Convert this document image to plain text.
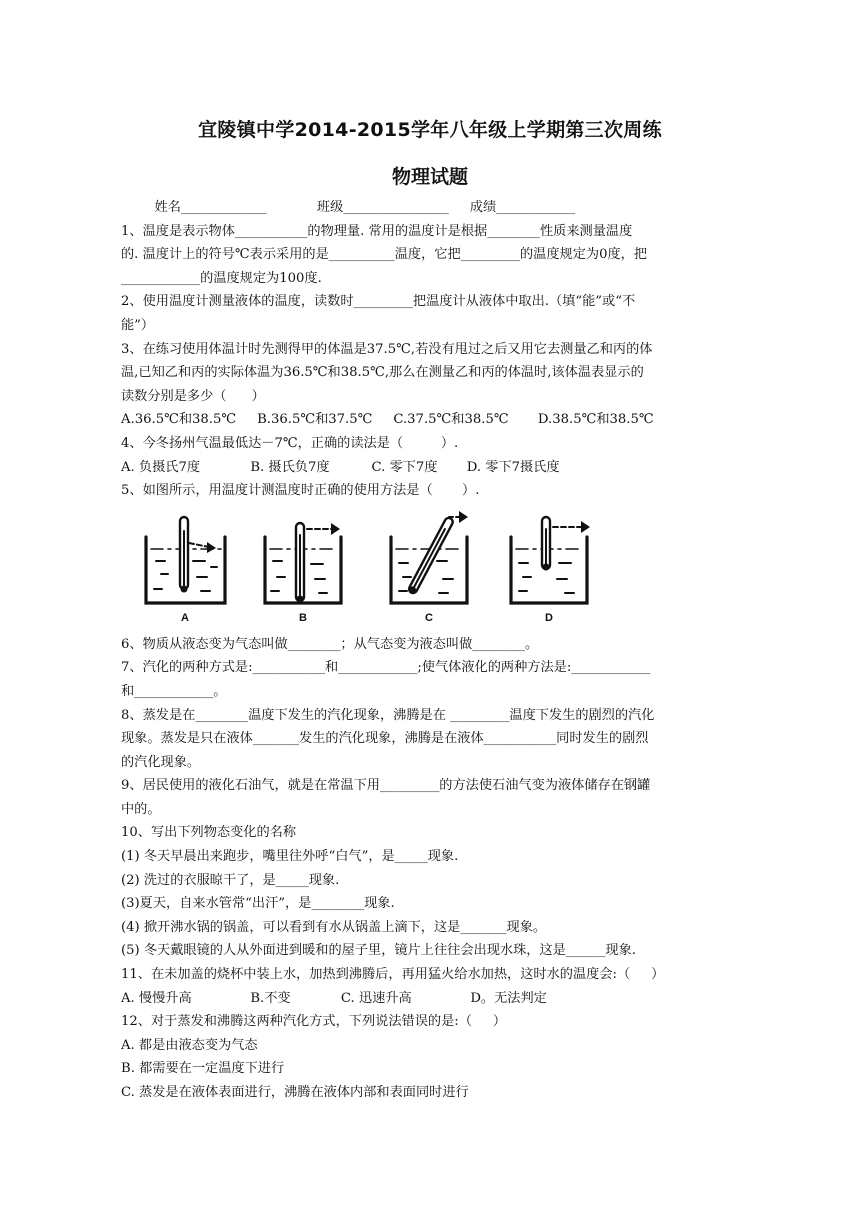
宜陵镇中学2014-2015学年八年级上学期第三次周练
物理试题
姓名_____________            班级________________     成绩____________
1、温度是表示物体___________的物理量. 常用的温度计是根据________性质来测量温度
的. 温度计上的符号℃表示采用的是__________温度，它把_________的温度规定为0度，把
____________的温度规定为100度.
2、使用温度计测量液体的温度，读数时_________把温度计从液体中取出.（填“能”或“不
能”）
3、在练习使用体温计时先测得甲的体温是37.5℃,若没有甩过之后又用它去测量乙和丙的体
温,已知乙和丙的实际体温为36.5℃和38.5℃,那么在测量乙和丙的体温时,该体温表显示的
读数分别是多少（      ）
A.36.5℃和38.5℃     B.36.5℃和37.5℃     C.37.5℃和38.5℃       D.38.5℃和38.5℃
4、今冬扬州气温最低达－7℃，正确的读法是（         ）.
A. 负摄氏7度            B. 摄氏负7度          C. 零下7度       D. 零下7摄氏度
5、如图所示，用温度计测温度时正确的使用方法是（       ）.
A	B	C	D
6、物质从液态变为气态叫做________；从气态变为液态叫做________。
7、汽化的两种方式是:___________和____________;使气体液化的两种方法是:____________
和____________。
8、蒸发是在________温度下发生的汽化现象，沸腾是在 _________温度下发生的剧烈的汽化
现象。蒸发是只在液体_______发生的汽化现象，沸腾是在液体___________同时发生的剧烈
的汽化现象。
9、居民使用的液化石油气，就是在常温下用_________的方法使石油气变为液体储存在钢罐
中的。
10、写出下列物态变化的名称
(1) 冬天早晨出来跑步，嘴里往外呼“白气”，是_____现象.
(2) 洗过的衣服晾干了，是_____现象.
(3)夏天，自来水管常“出汗”，是________现象.
(4) 掀开沸水锅的锅盖，可以看到有水从锅盖上滴下，这是_______现象。
(5) 冬天戴眼镜的人从外面进到暖和的屋子里，镜片上往往会出现水珠，这是______现象.
11、在未加盖的烧杯中装上水，加热到沸腾后，再用猛火给水加热，这时水的温度会:（     ）
A. 慢慢升高              B.不变            C. 迅速升高              D。无法判定
12、对于蒸发和沸腾这两种汽化方式，下列说法错误的是:（     ）
A. 都是由液态变为气态
B. 都需要在一定温度下进行
C. 蒸发是在液体表面进行，沸腾在液体内部和表面同时进行
